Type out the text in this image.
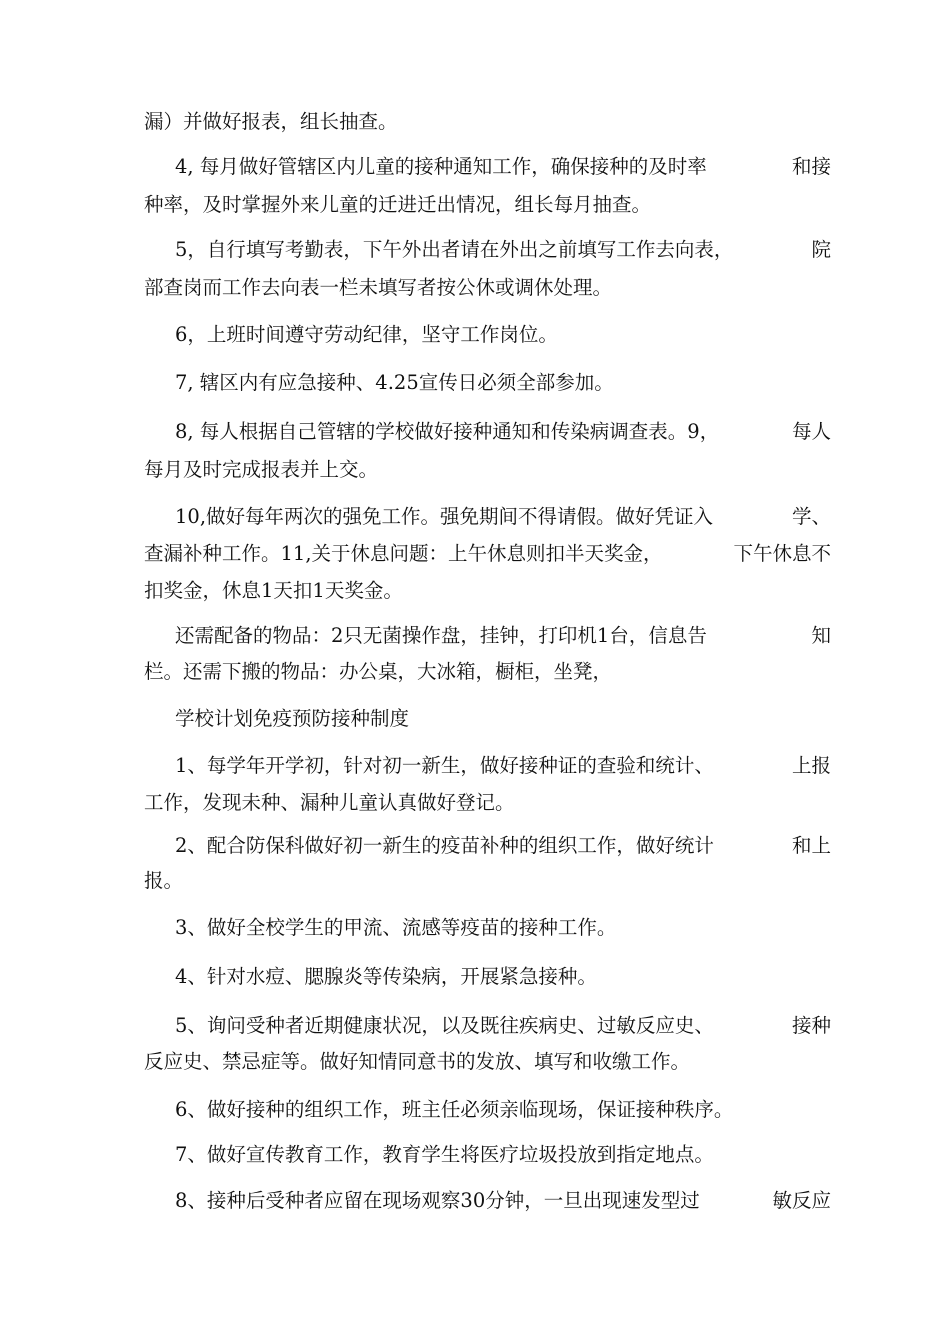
漏）并做好报表，组长抽查。
4, 每月做好管辖区内儿童的接种通知工作，确保接种的及时率	和接
种率，及时掌握外来儿童的迁进迁出情况，组长每月抽查。
5，自行填写考勤表，下午外出者请在外出之前填写工作去向表，	院
部查岗而工作去向表一栏未填写者按公休或调休处理。
6，上班时间遵守劳动纪律，坚守工作岗位。
7, 辖区内有应急接种、4.25宣传日必须全部参加。
8, 每人根据自己管辖的学校做好接种通知和传染病调查表。9，	每人
每月及时完成报表并上交。
10,做好每年两次的强免工作。强免期间不得请假。做好凭证入	学、
查漏补种工作。11,关于休息问题：上午休息则扣半天奖金，	下午休息不
扣奖金，休息1天扣1天奖金。
还需配备的物品：2只无菌操作盘，挂钟，打印机1台，信息告	知
栏。还需下搬的物品：办公桌，大冰箱，橱柜，坐凳，
学校计划免疫预防接种制度
1、每学年开学初，针对初一新生，做好接种证的查验和统计、	上报
工作，发现未种、漏种儿童认真做好登记。
2、配合防保科做好初一新生的疫苗补种的组织工作，做好统计	和上
报。
3、做好全校学生的甲流、流感等疫苗的接种工作。
4、针对水痘、腮腺炎等传染病，开展紧急接种。
5、询问受种者近期健康状况，以及既往疾病史、过敏反应史、	接种
反应史、禁忌症等。做好知情同意书的发放、填写和收缴工作。
6、做好接种的组织工作，班主任必须亲临现场，保证接种秩序。
7、做好宣传教育工作，教育学生将医疗垃圾投放到指定地点。
8、接种后受种者应留在现场观察30分钟，一旦出现速发型过	敏反应
